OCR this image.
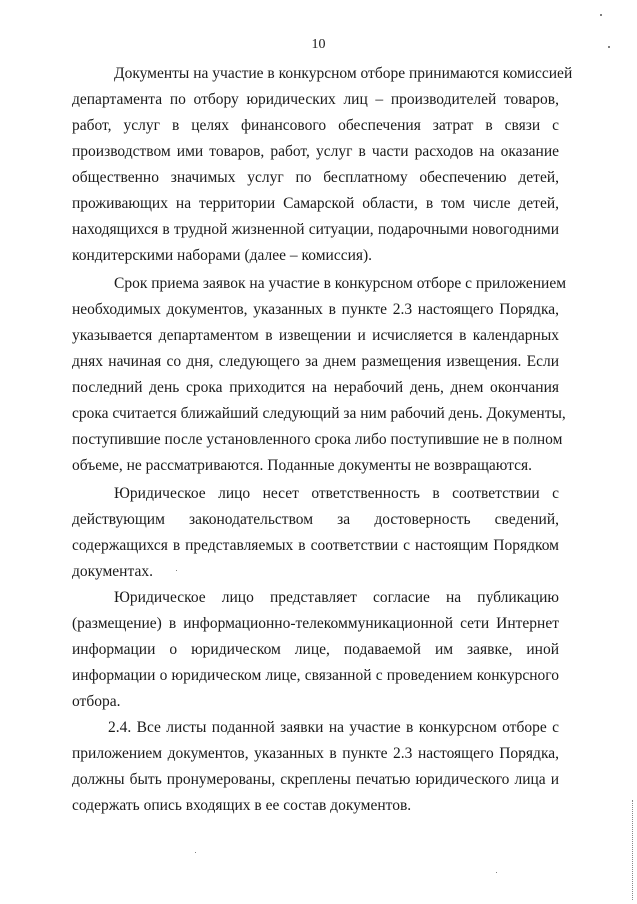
10
Документы на участие в конкурсном отборе принимаются комиссией
департамента по отбору юридических лиц – производителей товаров,
работ, услуг в целях финансового обеспечения затрат в связи с
производством ими товаров, работ, услуг в части расходов на оказание
общественно значимых услуг по бесплатному обеспечению детей,
проживающих на территории Самарской области, в том числе детей,
находящихся в трудной жизненной ситуации, подарочными новогодними
кондитерскими наборами (далее – комиссия).
Срок приема заявок на участие в конкурсном отборе с приложением
необходимых документов, указанных в пункте 2.3 настоящего Порядка,
указывается департаментом в извещении и исчисляется в календарных
днях начиная со дня, следующего за днем размещения извещения. Если
последний день срока приходится на нерабочий день, днем окончания
срока считается ближайший следующий за ним рабочий день. Документы,
поступившие после установленного срока либо поступившие не в полном
объеме, не рассматриваются. Поданные документы не возвращаются.
Юридическое лицо несет ответственность в соответствии с
действующим законодательством за достоверность сведений,
содержащихся в представляемых в соответствии с настоящим Порядком
документах.
Юридическое лицо представляет согласие на публикацию
(размещение) в информационно-телекоммуникационной сети Интернет
информации о юридическом лице, подаваемой им заявке, иной
информации о юридическом лице, связанной с проведением конкурсного
отбора.
2.4. Все листы поданной заявки на участие в конкурсном отборе с
приложением документов, указанных в пункте 2.3 настоящего Порядка,
должны быть пронумерованы, скреплены печатью юридического лица и
содержать опись входящих в ее состав документов.
